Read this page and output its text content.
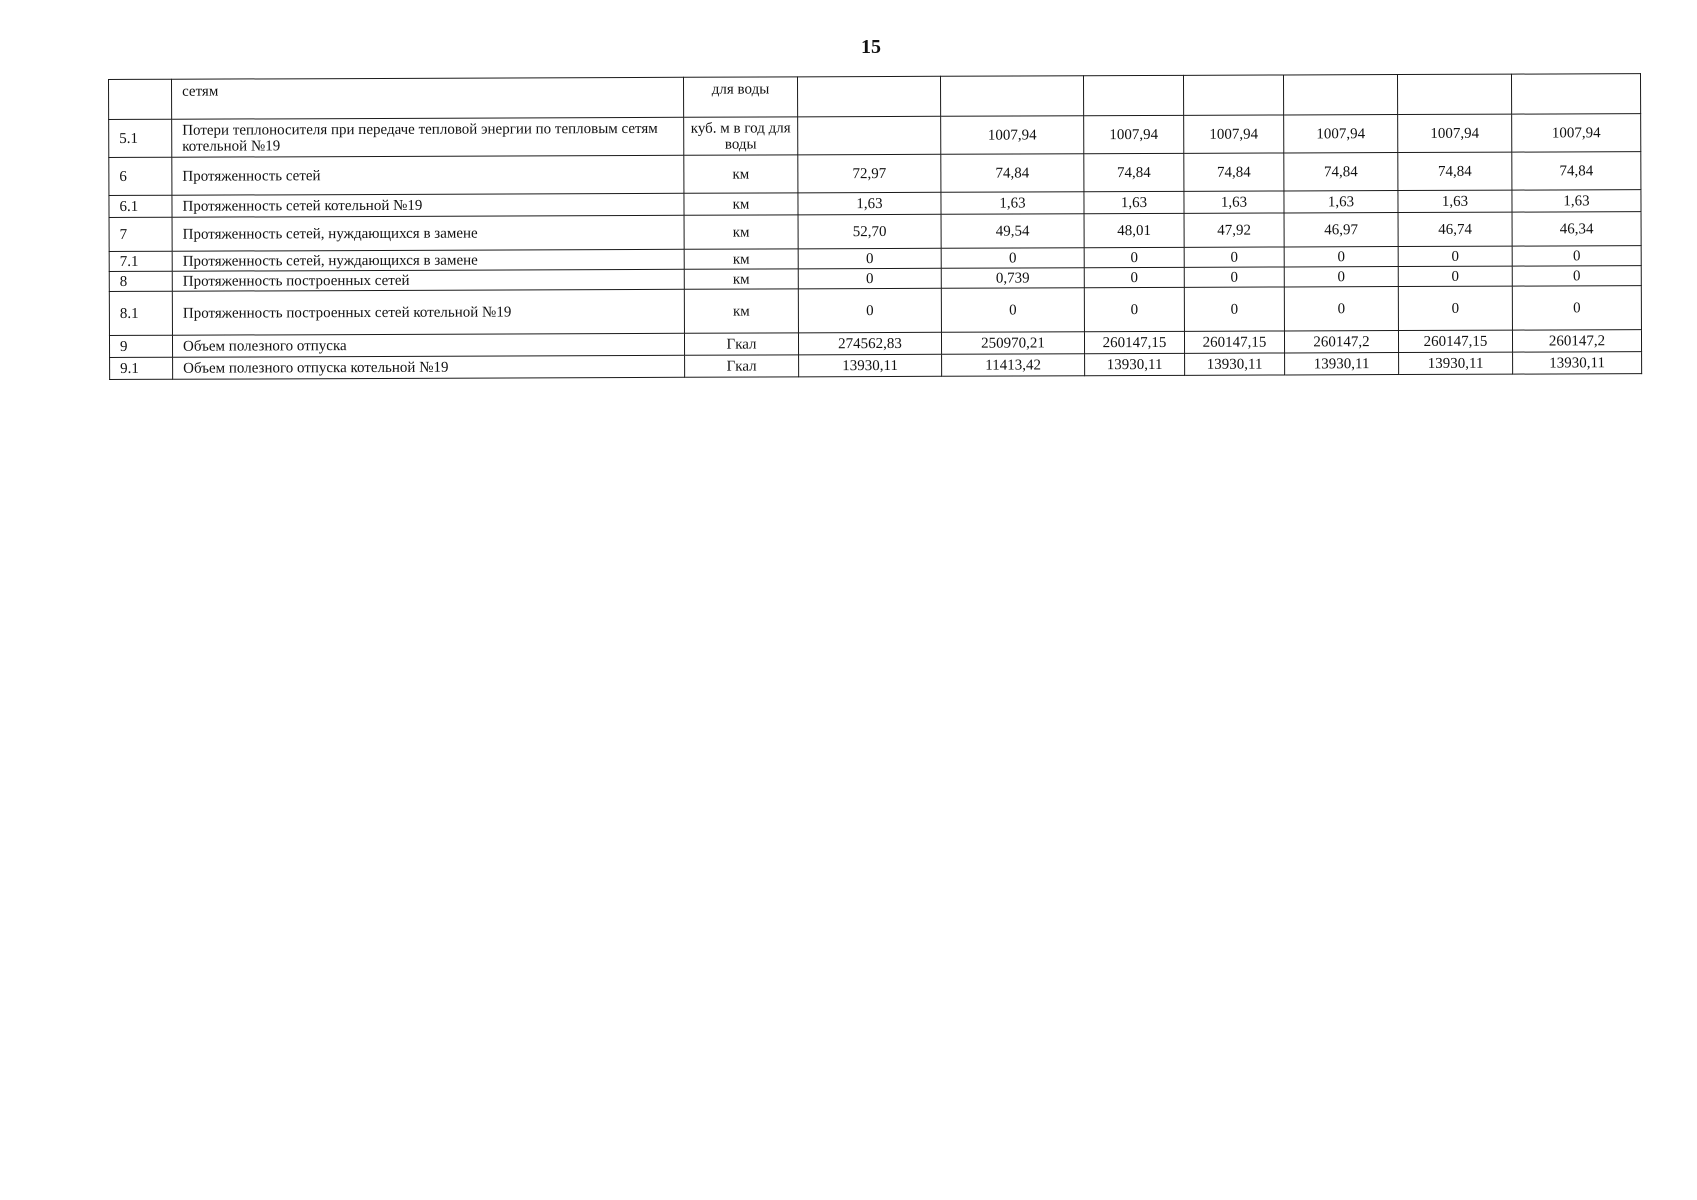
15
	сетям	для воды							
5.1	Потери теплоносителя при передаче тепловой энергии по тепловым сетям котельной №19	куб. м в год для воды		1007,94	1007,94	1007,94	1007,94	1007,94	1007,94
6	Протяженность сетей	км	72,97	74,84	74,84	74,84	74,84	74,84	74,84
6.1	Протяженность сетей котельной №19	км	1,63	1,63	1,63	1,63	1,63	1,63	1,63
7	Протяженность сетей, нуждающихся в замене	км	52,70	49,54	48,01	47,92	46,97	46,74	46,34
7.1	Протяженность сетей, нуждающихся в замене	км	0	0	0	0	0	0	0
8	Протяженность построенных сетей	км	0	0,739	0	0	0	0	0
8.1	Протяженность построенных сетей котельной №19	км	0	0	0	0	0	0	0
9	Объем полезного отпуска	Гкал	274562,83	250970,21	260147,15	260147,15	260147,2	260147,15	260147,2
9.1	Объем полезного отпуска котельной №19	Гкал	13930,11	11413,42	13930,11	13930,11	13930,11	13930,11	13930,11
